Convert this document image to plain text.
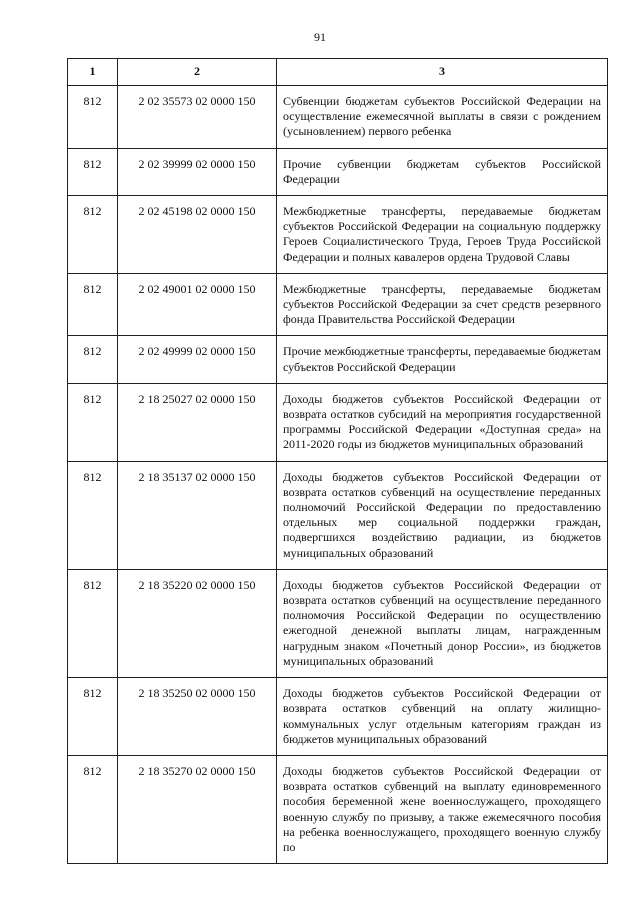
91
1	2	3
812	2 02 35573 02 0000 150	Субвенции бюджетам субъектов Российской Федерации на осуществление ежемесячной выплаты в связи с рождением (усыновлением) первого ребенка
812	2 02 39999 02 0000 150	Прочие субвенции бюджетам субъектов Российской Федерации
812	2 02 45198 02 0000 150	Межбюджетные трансферты, передаваемые бюджетам субъектов Российской Федерации на социальную поддержку Героев Социалистического Труда, Героев Труда Российской Федерации и полных кавалеров ордена Трудовой Славы
812	2 02 49001 02 0000 150	Межбюджетные трансферты, передаваемые бюджетам субъектов Российской Федерации за счет средств резервного фонда Правительства Российской Федерации
812	2 02 49999 02 0000 150	Прочие межбюджетные трансферты, передаваемые бюджетам субъектов Российской Федерации
812	2 18 25027 02 0000 150	Доходы бюджетов субъектов Российской Федерации от возврата остатков субсидий на мероприятия государственной программы Российской Федерации «Доступная среда» на 2011-2020 годы из бюджетов муниципальных образований
812	2 18 35137 02 0000 150	Доходы бюджетов субъектов Российской Федерации от возврата остатков субвенций на осуществление переданных полномочий Российской Федерации по предоставлению отдельных мер социальной поддержки граждан, подвергшихся воздействию радиации, из бюджетов муниципальных образований
812	2 18 35220 02 0000 150	Доходы бюджетов субъектов Российской Федерации от возврата остатков субвенций на осуществление переданного полномочия Российской Федерации по осуществлению ежегодной денежной выплаты лицам, награжденным нагрудным знаком «Почетный донор России», из бюджетов муниципальных образований
812	2 18 35250 02 0000 150	Доходы бюджетов субъектов Российской Федерации от возврата остатков субвенций на оплату жилищно-коммунальных услуг отдельным категориям граждан из бюджетов муниципальных образований
812	2 18 35270 02 0000 150	Доходы бюджетов субъектов Российской Федерации от возврата остатков субвенций на выплату единовременного пособия беременной жене военнослужащего, проходящего военную службу по призыву, а также ежемесячного пособия на ребенка военнослужащего, проходящего военную службу по
